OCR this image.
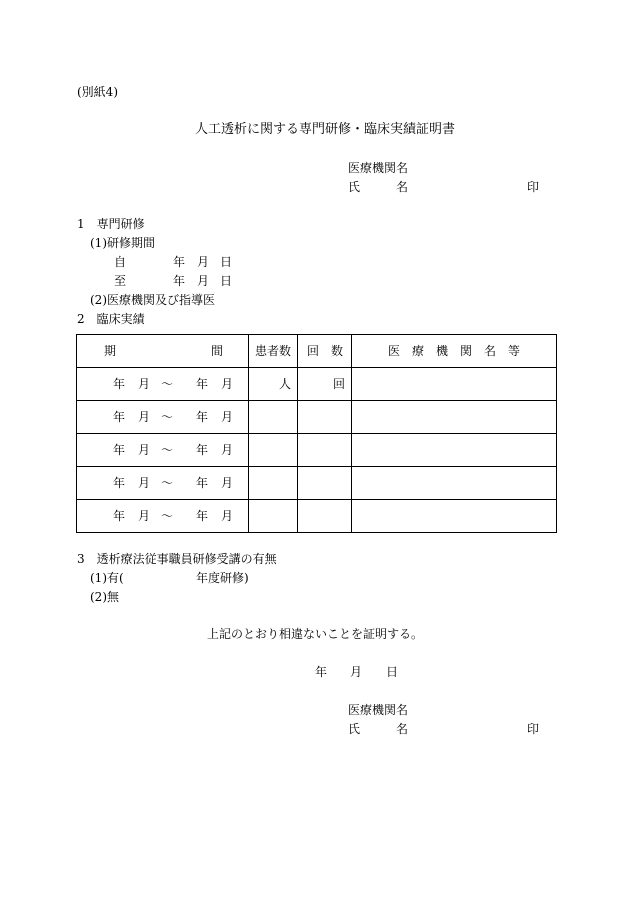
(別紙4)
人工透析に関する専門研修・臨床実績証明書
医療機関名
氏	名	印
1　専門研修
(1)研修期間
自	年 月 日
至	年 月 日
(2)医療機関及び指導医
2　臨床実績
期 間	患者数	回 数	医　療　機　関　名　等

年 月 〜 年 月	人	回	

年 月 〜 年 月			

年 月 〜 年 月			

年 月 〜 年 月			

年 月 〜 年 月			

3　透析療法従事職員研修受講の有無
(1)有(	年度研修)
(2)無
上記のとおり相違ないことを証明する。
年 月 日
医療機関名
氏	名	印
